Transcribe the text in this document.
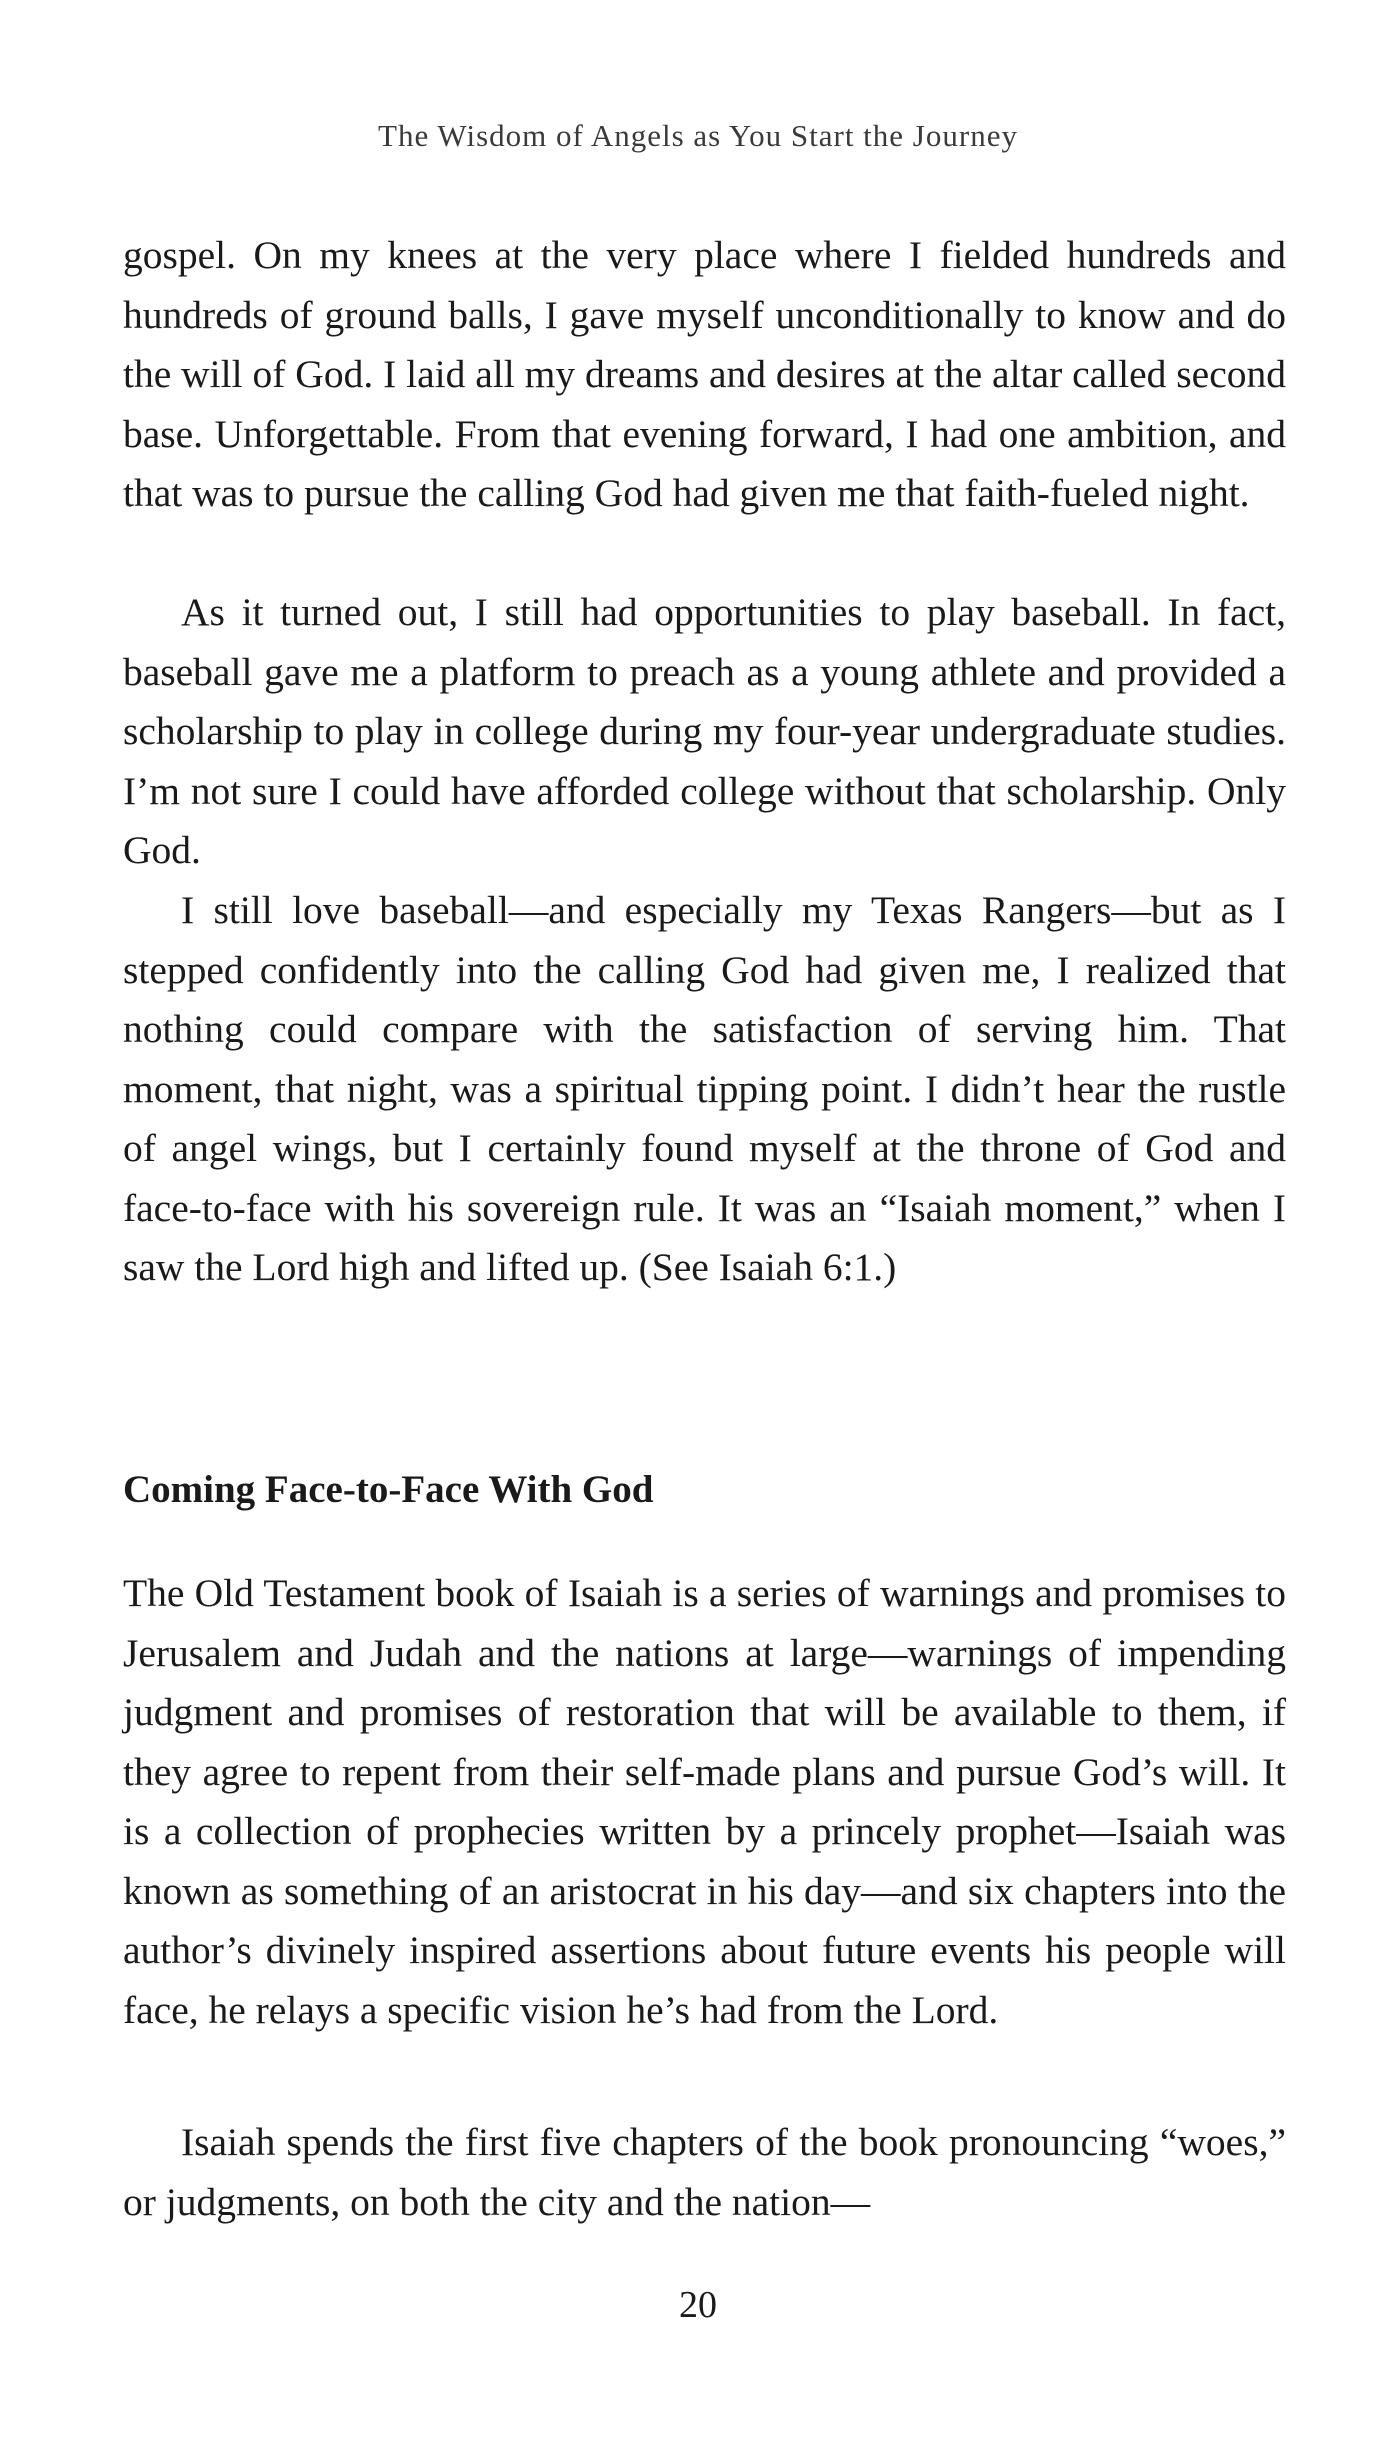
The Wisdom of Angels as You Start the Journey

gospel. On my knees at the very place where I fielded hundreds and hundreds of ground balls, I gave myself unconditionally to know and do the will of God. I laid all my dreams and desires at the altar called second base. Unforgettable. From that evening forward, I had one ambition, and that was to pursue the calling God had given me that faith-fueled night.

As it turned out, I still had opportunities to play baseball. In fact, baseball gave me a platform to preach as a young athlete and provided a scholarship to play in college during my four-year undergraduate studies. I’m not sure I could have afforded college without that scholarship. Only God.

I still love baseball—and especially my Texas Rangers—but as I stepped confidently into the calling God had given me, I realized that nothing could compare with the satisfaction of serving him. That moment, that night, was a spiritual tipping point. I didn’t hear the rustle of angel wings, but I certainly found myself at the throne of God and face-to-face with his sovereign rule. It was an “Isaiah moment,” when I saw the Lord high and lifted up. (See Isaiah 6:1.)

Coming Face-to-Face With God

The Old Testament book of Isaiah is a series of warnings and promises to Jerusalem and Judah and the nations at large—warnings of impending judgment and promises of restoration that will be available to them, if they agree to repent from their self-made plans and pursue God’s will. It is a collection of prophecies written by a princely prophet—Isaiah was known as something of an aristocrat in his day—and six chapters into the author’s divinely inspired assertions about future events his people will face, he relays a specific vision he’s had from the Lord.

Isaiah spends the first five chapters of the book pronouncing “woes,” or judgments, on both the city and the nation—

20
